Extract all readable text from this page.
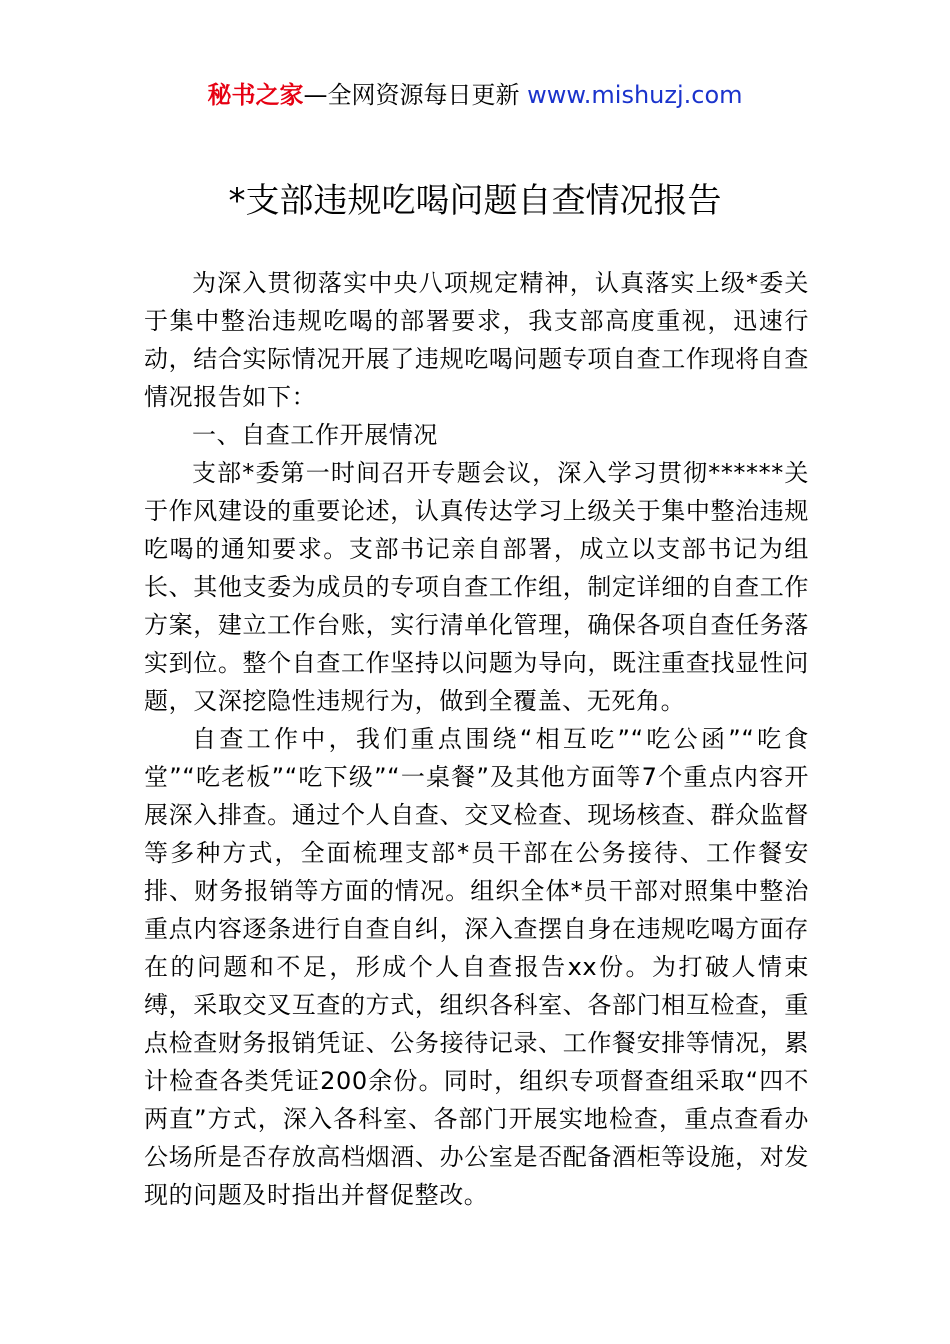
秘书之家—全网资源每日更新 www.mishuzj.com
*支部违规吃喝问题自查情况报告

为深入贯彻落实中央八项规定精神，认真落实上级*委关于集中整治违规吃喝的部署要求，我支部高度重视，迅速行动，结合实际情况开展了违规吃喝问题专项自查工作现将自查情况报告如下：

一、自查工作开展情况

支部*委第一时间召开专题会议，深入学习贯彻******关于作风建设的重要论述，认真传达学习上级关于集中整治违规吃喝的通知要求。支部书记亲自部署，成立以支部书记为组长、其他支委为成员的专项自查工作组，制定详细的自查工作方案，建立工作台账，实行清单化管理，确保各项自查任务落实到位。整个自查工作坚持以问题为导向，既注重查找显性问题，又深挖隐性违规行为，做到全覆盖、无死角。

自查工作中，我们重点围绕“相互吃”“吃公函”“吃食堂”“吃老板”“吃下级”“一桌餐”及其他方面等7个重点内容开展深入排查。通过个人自查、交叉检查、现场核查、群众监督等多种方式，全面梳理支部*员干部在公务接待、工作餐安排、财务报销等方面的情况。组织全体*员干部对照集中整治重点内容逐条进行自查自纠，深入查摆自身在违规吃喝方面存在的问题和不足，形成个人自查报告xx份。为打破人情束缚，采取交叉互查的方式，组织各科室、各部门相互检查，重点检查财务报销凭证、公务接待记录、工作餐安排等情况，累计检查各类凭证200余份。同时，组织专项督查组采取“四不两直”方式，深入各科室、各部门开展实地检查，重点查看办公场所是否存放高档烟酒、办公室是否配备酒柜等设施，对发现的问题及时指出并督促整改。
